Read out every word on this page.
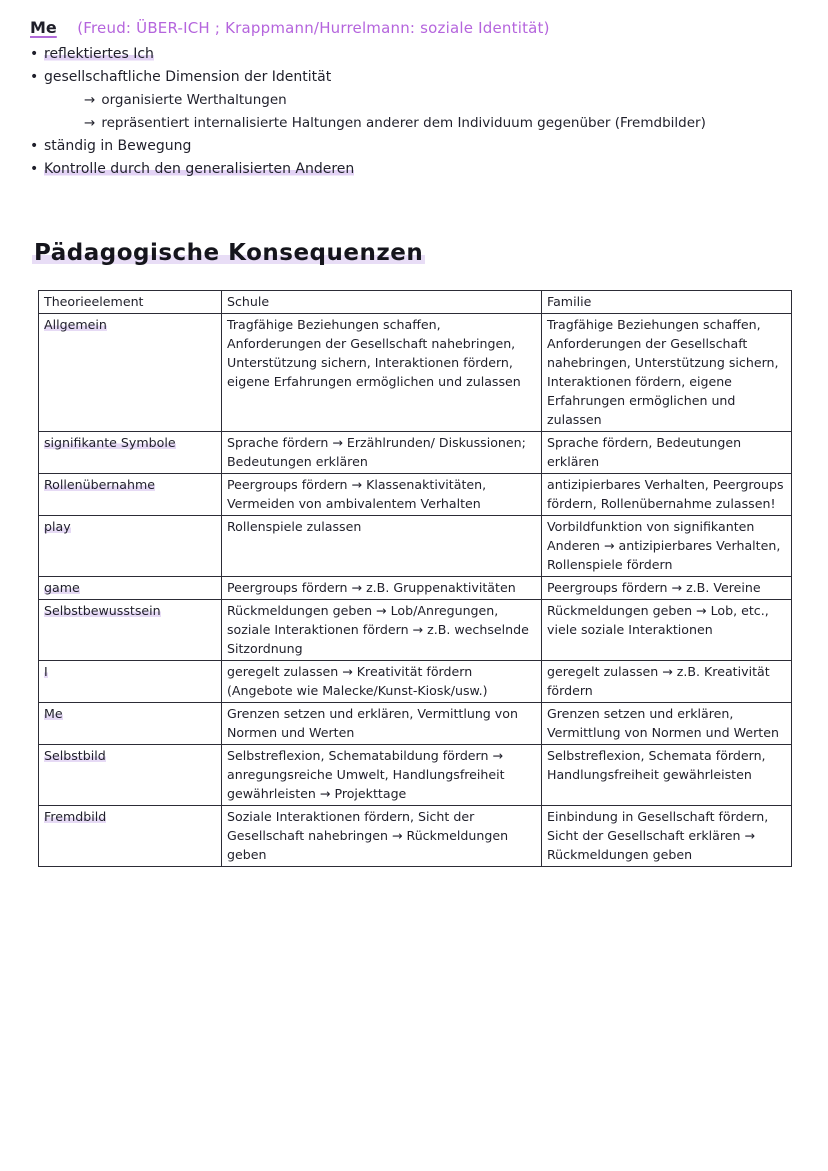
Me (Freud: ÜBER-ICH ; Krappmann/Hurrelmann: soziale Identität)
• reflektiertes Ich
• gesellschaftliche Dimension der Identität
→ organisierte Werthaltungen
→ repräsentiert internalisierte Haltungen anderer dem Individuum gegenüber (Fremdbilder)
• ständig in Bewegung
• Kontrolle durch den generalisierten Anderen
Pädagogische Konsequenzen
Theorieelement	Schule	Familie
Allgemein	Tragfähige Beziehungen schaffen, Anforderungen der Gesellschaft nahebringen, Unterstützung sichern, Interaktionen fördern, eigene Erfahrungen ermöglichen und zulassen	Tragfähige Beziehungen schaffen, Anforderungen der Gesellschaft nahebringen, Unterstützung sichern, Interaktionen fördern, eigene Erfahrungen ermöglichen und zulassen

signifikante Symbole	Sprache fördern → Erzählrunden/ Diskussionen; Bedeutungen erklären	Sprache fördern, Bedeutungen erklären

Rollenübernahme	Peergroups fördern → Klassenaktivitäten, Vermeiden von ambivalentem Verhalten	antizipierbares Verhalten, Peergroups fördern, Rollenübernahme zulassen!

play	Rollenspiele zulassen	Vorbildfunktion von signifikanten Anderen → antizipierbares Verhalten, Rollenspiele fördern

game	Peergroups fördern → z.B. Gruppenaktivitäten	Peergroups fördern → z.B. Vereine

Selbstbewusstsein	Rückmeldungen geben → Lob/Anregungen, soziale Interaktionen fördern → z.B. wechselnde Sitzordnung	Rückmeldungen geben → Lob, etc., viele soziale Interaktionen

I	geregelt zulassen → Kreativität fördern (Angebote wie Malecke/Kunst-Kiosk/usw.)	geregelt zulassen → z.B. Kreativität fördern

Me	Grenzen setzen und erklären, Vermittlung von Normen und Werten	Grenzen setzen und erklären, Vermittlung von Normen und Werten

Selbstbild	Selbstreflexion, Schematabildung fördern → anregungsreiche Umwelt, Handlungsfreiheit gewährleisten → Projekttage	Selbstreflexion, Schemata fördern, Handlungsfreiheit gewährleisten

Fremdbild	Soziale Interaktionen fördern, Sicht der Gesellschaft nahebringen → Rückmeldungen geben	Einbindung in Gesellschaft fördern, Sicht der Gesellschaft erklären → Rückmeldungen geben
